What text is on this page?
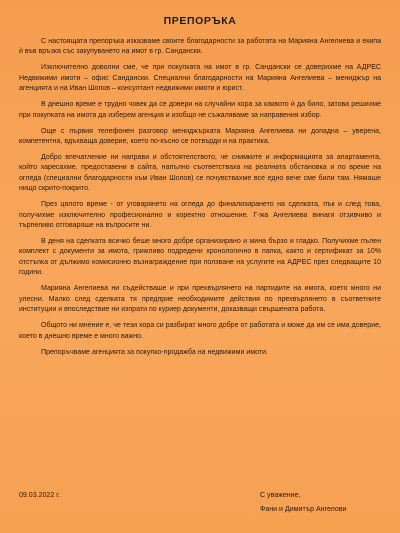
ПРЕПОРЪКА

С настоящата препоръка изказваме своите благодарности за работата на Марияна Ангелиева и екипа ѝ във връзка със закупуването на имот в гр. Сандански.

Изключително доволни сме, че при покупката на имот в гр. Сандански се доверихме на АДРЕС Недвижими имоти – офис Сандански. Специални благодарности на Марияна Ангелиева – мениджър на агенцията и на Иван Шопов – консултант недвижими имоти и юрист.

В днешно време е трудно човек да се довери на случайни хора за каквото ѝ да било, затова решихме при покупката на имота да изберем агенция и изобщо не съжаляваме за направения избор.

Още с първия телефонен разговор мениджърката Марияна Ангелиева ни допадна – уверена, компетентна, вдъхваща доверие, което по-късно се потвърди и на практика.

Добро впечатление ни направи и обстоятелството, че снимките и информацията за апартамента, който харесахме, предоставени в сайта, напълно съответстваха на реалната обстановка и по време на огледа (специални благодарности към Иван Шопов) се почувствахме все едно вече сме били там. Нямаше нищо скрито-покрито.

През цялото време - от уговарянето на огледа до финализирането на сделката, пък и след това, получихме изключително професионално и коректно отношение. Г-жа Ангелиева винаги отзивчиво и търпеливо отговаряше на въпросите ни.

В деня на сделката всичко беше много добре организирано и мина бързо и гладко. Получихме пълен комплект с документи за имота, грижливо подредени хронологично в папка, както и сертификат за 10% отстъпка от дължимо комисионно възнаграждение при ползване на услугите на АДРЕС през следващите 10 години.

Марияна Ангелиева ни съдействаше и при прехвърлянето на партидите на имота, което много ни улесни. Малко след сделката тя предприе необходимите действия по прехвърлянето в съответните институции и впоследствие ни изпрати по куриер документи, доказващи свършената работа.

Общото ни мнение е, че тези хора си разбират много добре от работата и може да им се има доверие, което в днешно време е много важно.

Препоръчваме агенцията за покупко-продажба на недвижими имоти.

09.03.2022 г.	С уважение,
Фани и Димитър Ангелови
